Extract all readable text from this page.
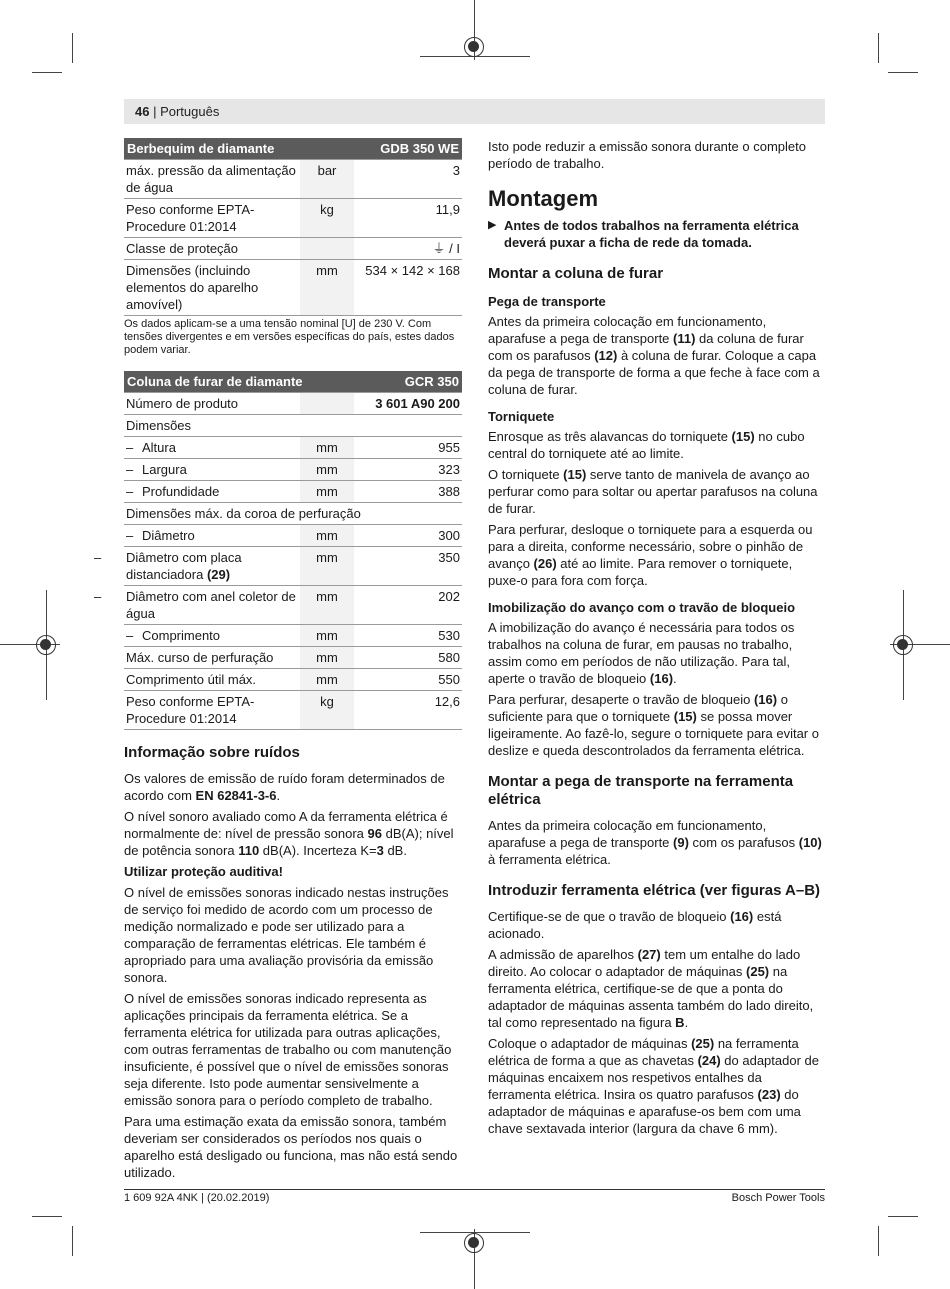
46 | Português
Berbequim de diamante		GDB 350 WE
máx. pressão da alimentação de água	bar	3
Peso conforme EPTA-Procedure 01:2014	kg	11,9
Classe de proteção		⏚ / I
Dimensões (incluindo elementos do aparelho amovível)	mm	534 × 142 × 168
Os dados aplicam-se a uma tensão nominal [U] de 230 V. Com tensões divergentes e em versões específicas do país, estes dados podem variar.
Coluna de furar de diamante		GCR 350
Número de produto		3 601 A90 200
Dimensões		
– Altura	mm	955
– Largura	mm	323
– Profundidade	mm	388
Dimensões máx. da coroa de perfuração		
– Diâmetro	mm	300
– Diâmetro com placa distanciadora (29)	mm	350
– Diâmetro com anel coletor de água	mm	202
– Comprimento	mm	530
Máx. curso de perfuração	mm	580
Comprimento útil máx.	mm	550
Peso conforme EPTA-Procedure 01:2014	kg	12,6
Informação sobre ruídos

Os valores de emissão de ruído foram determinados de acordo com EN 62841-3-6.

O nível sonoro avaliado como A da ferramenta elétrica é normalmente de: nível de pressão sonora 96 dB(A); nível de potência sonora 110 dB(A). Incerteza K=3 dB.

Utilizar proteção auditiva!

O nível de emissões sonoras indicado nestas instruções de serviço foi medido de acordo com um processo de medição normalizado e pode ser utilizado para a comparação de ferramentas elétricas. Ele também é apropriado para uma avaliação provisória da emissão sonora.

O nível de emissões sonoras indicado representa as aplicações principais da ferramenta elétrica. Se a ferramenta elétrica for utilizada para outras aplicações, com outras ferramentas de trabalho ou com manutenção insuficiente, é possível que o nível de emissões sonoras seja diferente. Isto pode aumentar sensivelmente a emissão sonora para o período completo de trabalho.

Para uma estimação exata da emissão sonora, também deveriam ser considerados os períodos nos quais o aparelho está desligado ou funciona, mas não está sendo utilizado.

Isto pode reduzir a emissão sonora durante o completo período de trabalho.

Montagem

▶ Antes de todos trabalhos na ferramenta elétrica deverá puxar a ficha de rede da tomada.

Montar a coluna de furar
Pega de transporte

Antes da primeira colocação em funcionamento, aparafuse a pega de transporte (11) da coluna de furar com os parafusos (12) à coluna de furar. Coloque a capa da pega de transporte de forma a que feche à face com a coluna de furar.

Torniquete

Enrosque as três alavancas do torniquete (15) no cubo central do torniquete até ao limite.

O torniquete (15) serve tanto de manivela de avanço ao perfurar como para soltar ou apertar parafusos na coluna de furar.

Para perfurar, desloque o torniquete para a esquerda ou para a direita, conforme necessário, sobre o pinhão de avanço (26) até ao limite. Para remover o torniquete, puxe-o para fora com força.

Imobilização do avanço com o travão de bloqueio

A imobilização do avanço é necessária para todos os trabalhos na coluna de furar, em pausas no trabalho, assim como em períodos de não utilização. Para tal, aperte o travão de bloqueio (16).

Para perfurar, desaperte o travão de bloqueio (16) o suficiente para que o torniquete (15) se possa mover ligeiramente. Ao fazê-lo, segure o torniquete para evitar o deslize e queda descontrolados da ferramenta elétrica.

Montar a pega de transporte na ferramenta elétrica

Antes da primeira colocação em funcionamento, aparafuse a pega de transporte (9) com os parafusos (10) à ferramenta elétrica.

Introduzir ferramenta elétrica (ver figuras A–B)

Certifique-se de que o travão de bloqueio (16) está acionado.

A admissão de aparelhos (27) tem um entalhe do lado direito. Ao colocar o adaptador de máquinas (25) na ferramenta elétrica, certifique-se de que a ponta do adaptador de máquinas assenta também do lado direito, tal como representado na figura B.

Coloque o adaptador de máquinas (25) na ferramenta elétrica de forma a que as chavetas (24) do adaptador de máquinas encaixem nos respetivos entalhes da ferramenta elétrica. Insira os quatro parafusos (23) do adaptador de máquinas e aparafuse-os bem com uma chave sextavada interior (largura da chave 6 mm).

1 609 92A 4NK | (20.02.2019)	Bosch Power Tools
